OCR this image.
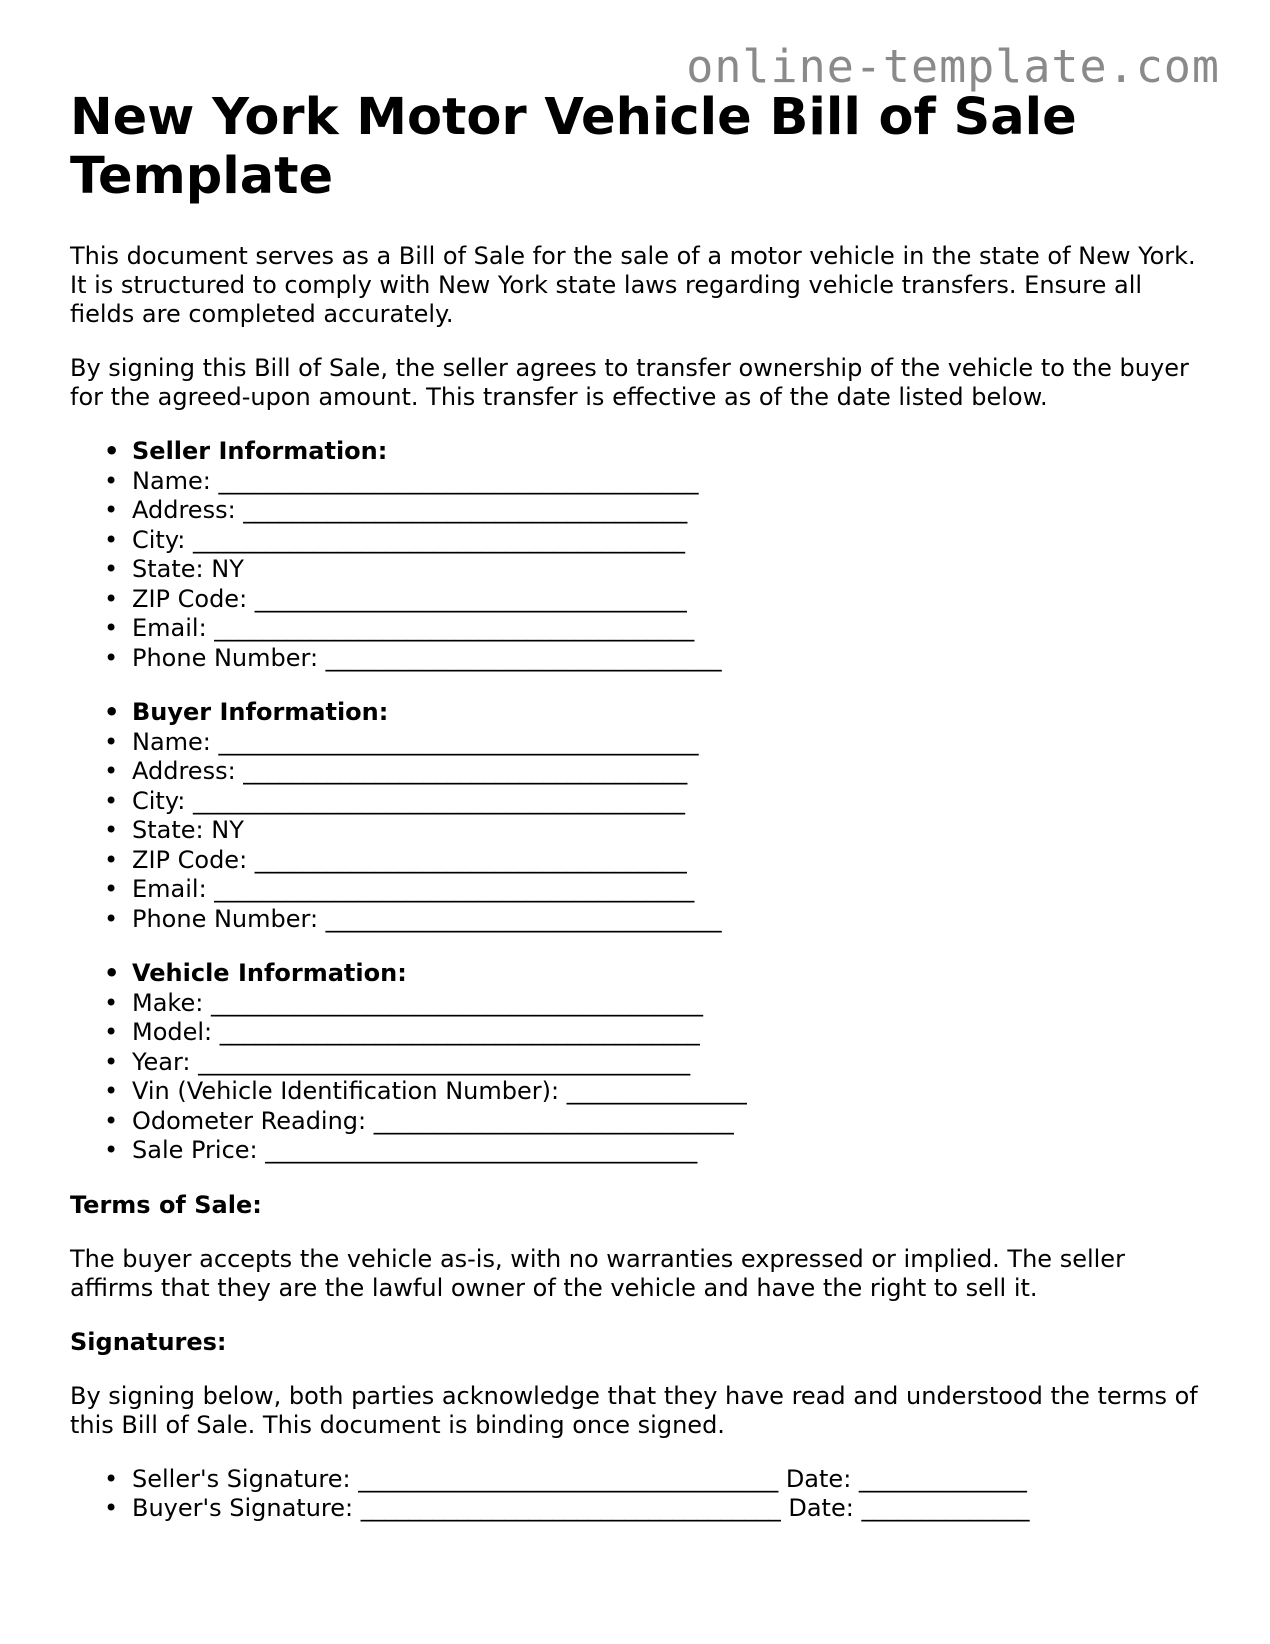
online-template.com
New York Motor Vehicle Bill of Sale Template

This document serves as a Bill of Sale for the sale of a motor vehicle in the state of New York. It is structured to comply with New York state laws regarding vehicle transfers. Ensure all fields are completed accurately.

By signing this Bill of Sale, the seller agrees to transfer ownership of the vehicle to the buyer for the agreed-upon amount. This transfer is effective as of the date listed below.

• Seller Information:
• Name: ________________________________________
• Address: _____________________________________
• City: _________________________________________
• State: NY
• ZIP Code: ____________________________________
• Email: ________________________________________
• Phone Number: _________________________________
• Buyer Information:
• Name: ________________________________________
• Address: _____________________________________
• City: _________________________________________
• State: NY
• ZIP Code: ____________________________________
• Email: ________________________________________
• Phone Number: _________________________________
• Vehicle Information:
• Make: _________________________________________
• Model: ________________________________________
• Year: _________________________________________
• Vin (Vehicle Identification Number): _______________
• Odometer Reading: ______________________________
• Sale Price: ____________________________________
Terms of Sale:

The buyer accepts the vehicle as-is, with no warranties expressed or implied. The seller affirms that they are the lawful owner of the vehicle and have the right to sell it.

Signatures:

By signing below, both parties acknowledge that they have read and understood the terms of this Bill of Sale. This document is binding once signed.

• Seller's Signature: ___________________________________ Date: ______________
• Buyer's Signature: ___________________________________ Date: ______________
